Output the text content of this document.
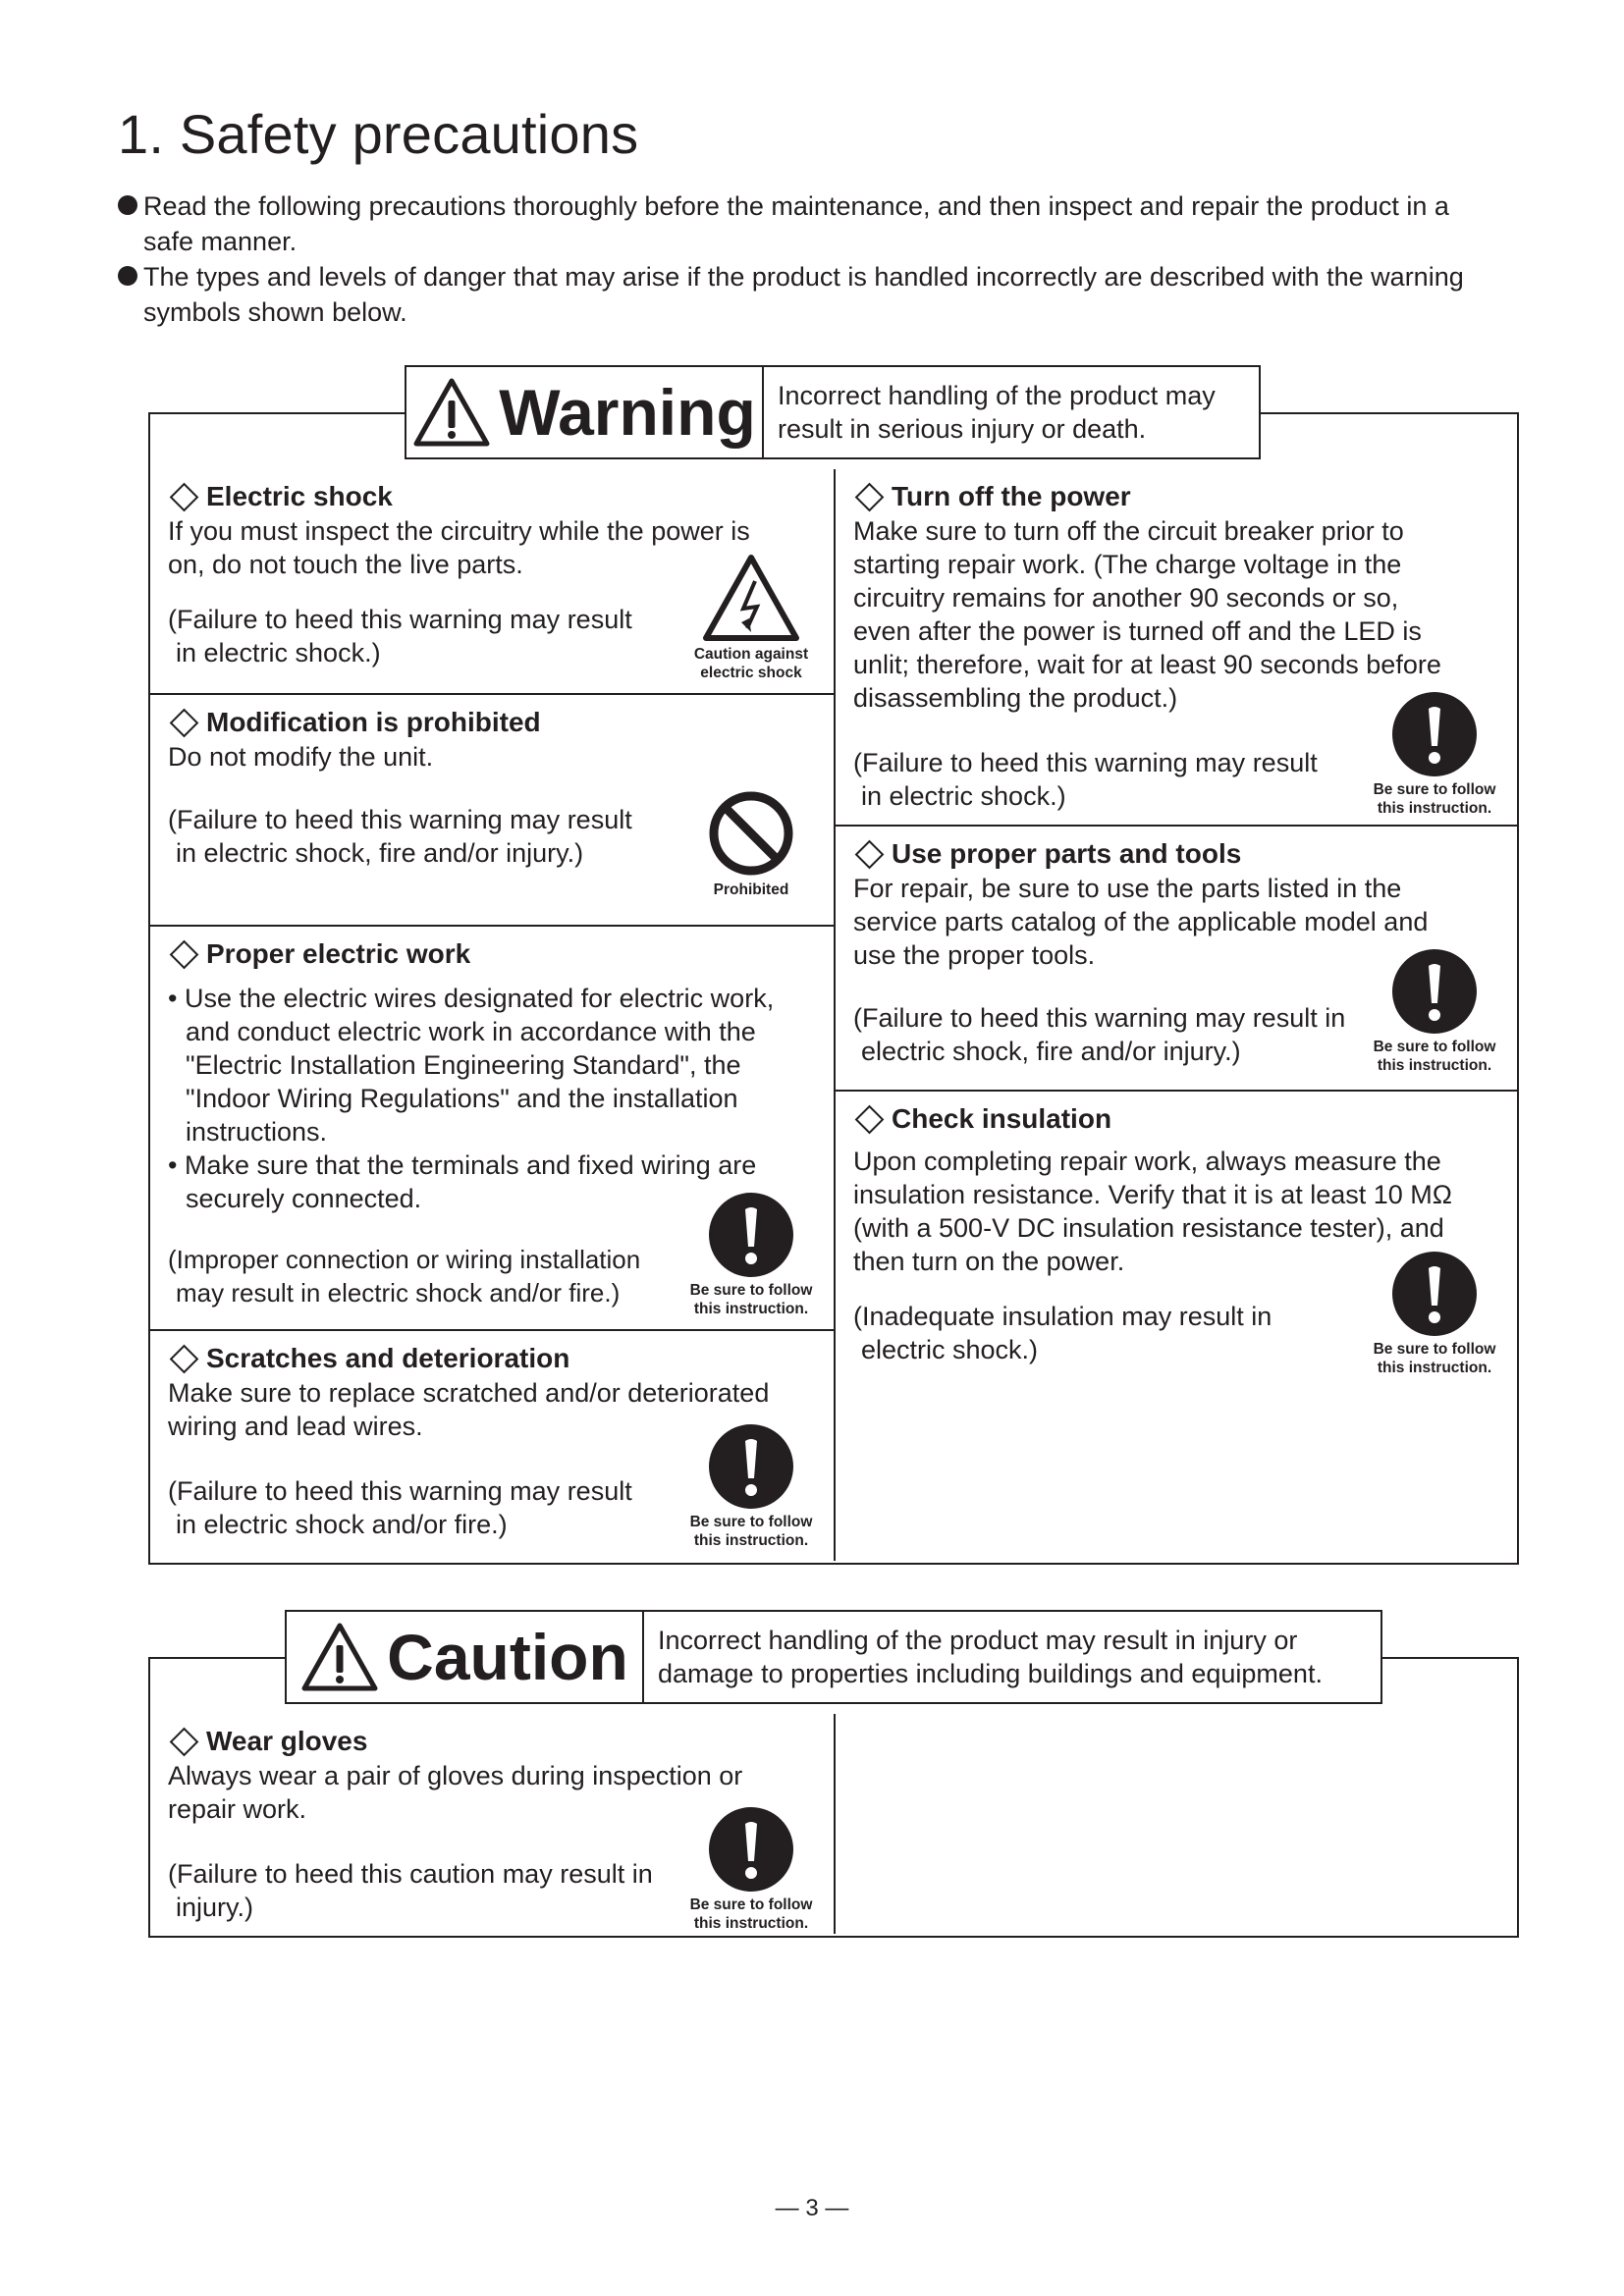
1. Safety precautions
Read the following precautions thoroughly before the maintenance, and then inspect and repair the product in a
safe manner.
The types and levels of danger that may arise if the product is handled incorrectly are described with the warning
symbols shown below.
Electric shock
If you must inspect the circuitry while the power is
on, do not touch the live parts.
(Failure to heed this warning may result
in electric shock.)	Caution against
electric shock
Modification is prohibited
Do not modify the unit.
(Failure to heed this warning may result
in electric shock, fire and/or injury.)
Prohibited
Proper electric work
• Use the electric wires designated for electric work,
and conduct electric work in accordance with the
"Electric Installation Engineering Standard", the
"Indoor Wiring Regulations" and the installation
instructions.
• Make sure that the terminals and fixed wiring are
securely connected.
(Improper connection or wiring installation
may result in electric shock and/or fire.)	Be sure to follow
this instruction.
Scratches and deterioration
Make sure to replace scratched and/or deteriorated
wiring and lead wires.
(Failure to heed this warning may result
in electric shock and/or fire.)	Be sure to follow
this instruction.
Turn off the power
Make sure to turn off the circuit breaker prior to
starting repair work. (The charge voltage in the
circuitry remains for another 90 seconds or so,
even after the power is turned off and the LED is
unlit; therefore, wait for at least 90 seconds before
disassembling the product.)
(Failure to heed this warning may result
in electric shock.)	Be sure to follow
this instruction.
Use proper parts and tools
For repair, be sure to use the parts listed in the
service parts catalog of the applicable model and
use the proper tools.
(Failure to heed this warning may result in
electric shock, fire and/or injury.)	Be sure to follow
this instruction.
Check insulation
Upon completing repair work, always measure the
insulation resistance. Verify that it is at least 10 MΩ
(with a 500-V DC insulation resistance tester), and
then turn on the power.
(Inadequate insulation may result in
electric shock.)	Be sure to follow
this instruction.
Warning Incorrect handling of the product may
result in serious injury or death.
Wear gloves
Always wear a pair of gloves during inspection or
repair work.
(Failure to heed this caution may result in
injury.)	Be sure to follow
this instruction.
Caution Incorrect handling of the product may result in injury or
damage to properties including buildings and equipment.
— 3 —
